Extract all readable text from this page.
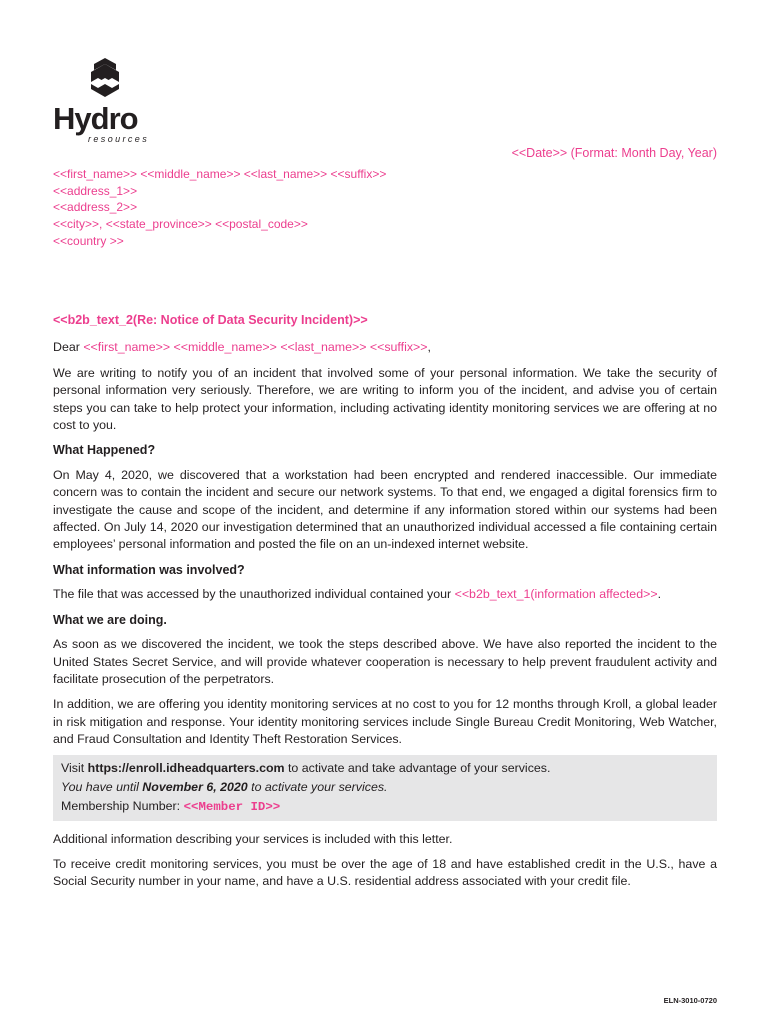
Hydro
resources
<<Date>> (Format: Month Day, Year)
<<first_name>> <<middle_name>> <<last_name>> <<suffix>>
<<address_1>>
<<address_2>>
<<city>>, <<state_province>> <<postal_code>>
<<country >>
<<b2b_text_2(Re: Notice of Data Security Incident)>>

Dear <<first_name>> <<middle_name>> <<last_name>> <<suffix>>,

We are writing to notify you of an incident that involved some of your personal information. We take the security of personal information very seriously. Therefore, we are writing to inform you of the incident, and advise you of certain steps you can take to help protect your information, including activating identity monitoring services we are offering at no cost to you.

What Happened?

On May 4, 2020, we discovered that a workstation had been encrypted and rendered inaccessible. Our immediate concern was to contain the incident and secure our network systems. To that end, we engaged a digital forensics firm to investigate the cause and scope of the incident, and determine if any information stored within our systems had been affected. On July 14, 2020 our investigation determined that an unauthorized individual accessed a file containing certain employees’ personal information and posted the file on an un-indexed internet website.

What information was involved?

The file that was accessed by the unauthorized individual contained your <<b2b_text_1(information affected>>.

What we are doing.

As soon as we discovered the incident, we took the steps described above. We have also reported the incident to the United States Secret Service, and will provide whatever cooperation is necessary to help prevent fraudulent activity and facilitate prosecution of the perpetrators.

In addition, we are offering you identity monitoring services at no cost to you for 12 months through Kroll, a global leader in risk mitigation and response. Your identity monitoring services include Single Bureau Credit Monitoring, Web Watcher, and Fraud Consultation and Identity Theft Restoration Services.

Visit https://enroll.idheadquarters.com to activate and take advantage of your services.
You have until November 6, 2020 to activate your services.
Membership Number: <<Member ID>>

Additional information describing your services is included with this letter.

To receive credit monitoring services, you must be over the age of 18 and have established credit in the U.S., have a Social Security number in your name, and have a U.S. residential address associated with your credit file.

ELN-3010-0720
